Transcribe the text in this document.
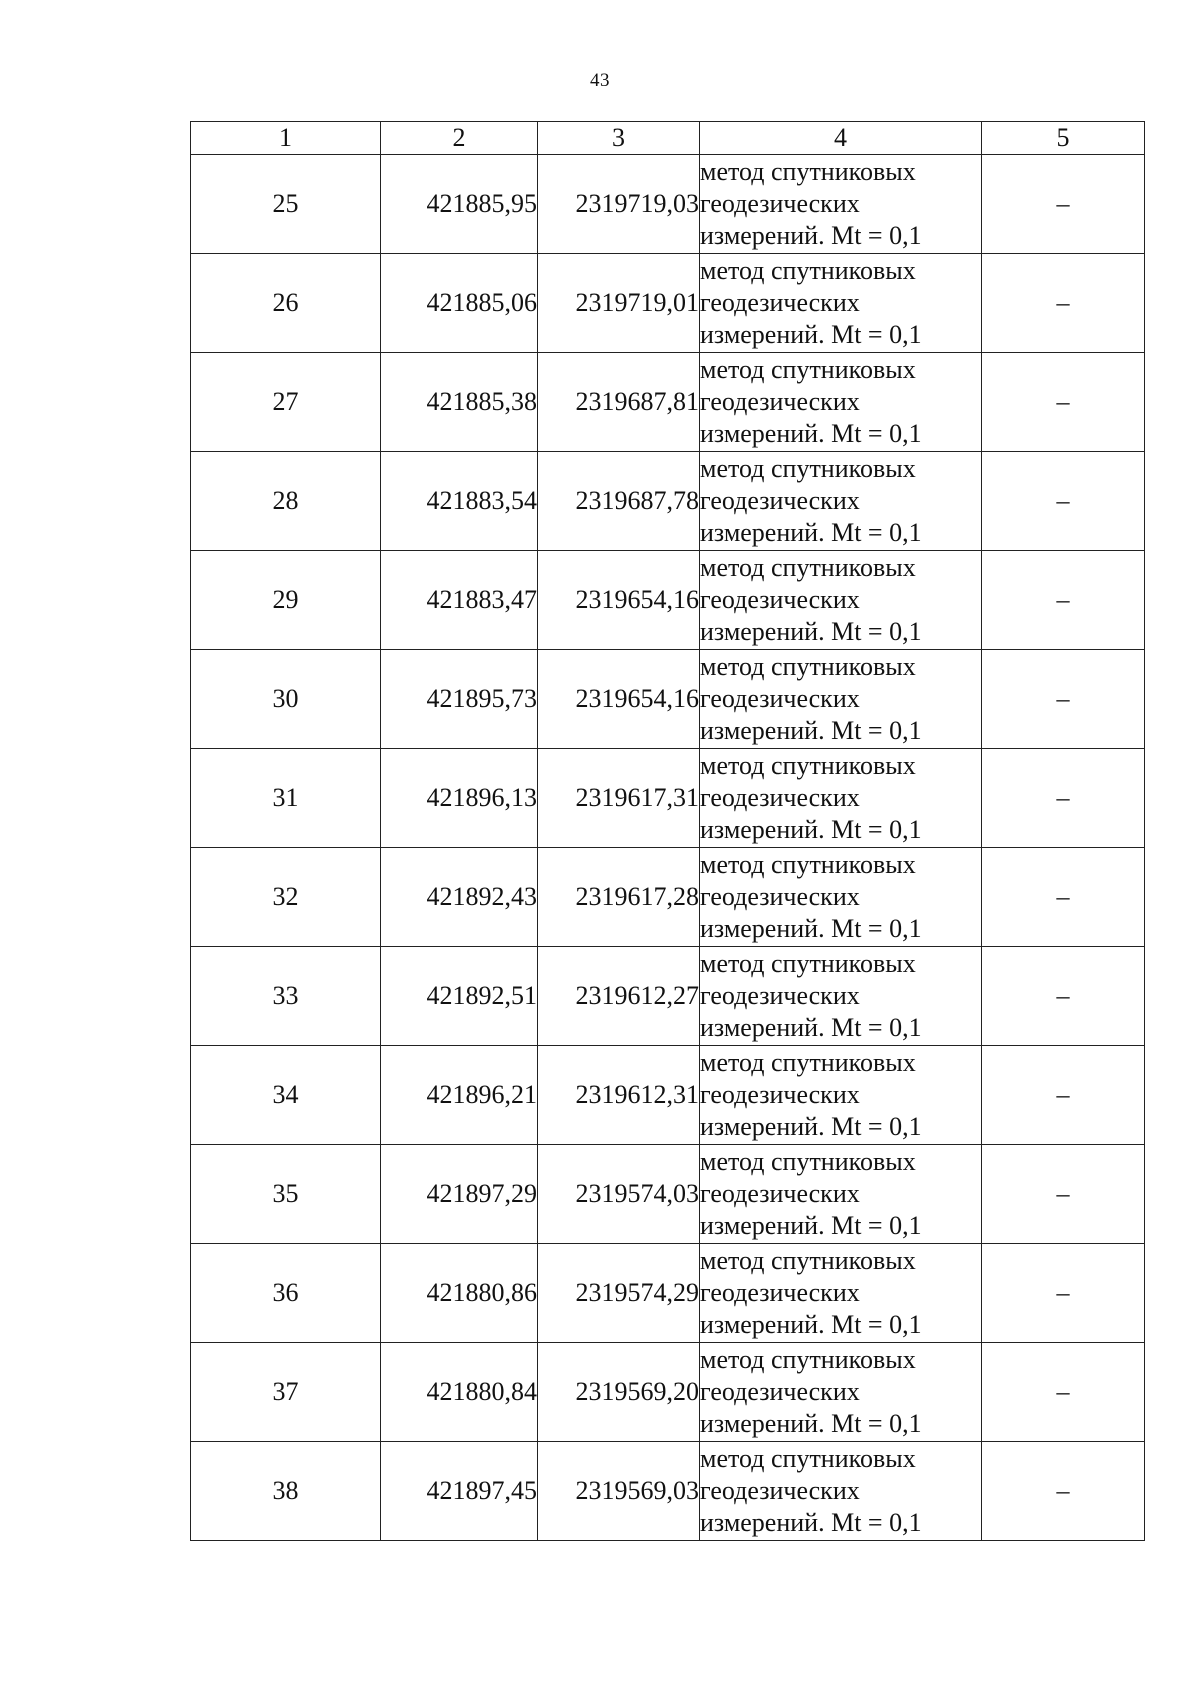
43
1	2	3	4	5
25	421885,95	2319719,03	метод спутниковых
геодезических
измерений. Mt = 0,1	–
26	421885,06	2319719,01	метод спутниковых
геодезических
измерений. Mt = 0,1	–
27	421885,38	2319687,81	метод спутниковых
геодезических
измерений. Mt = 0,1	–
28	421883,54	2319687,78	метод спутниковых
геодезических
измерений. Mt = 0,1	–
29	421883,47	2319654,16	метод спутниковых
геодезических
измерений. Mt = 0,1	–
30	421895,73	2319654,16	метод спутниковых
геодезических
измерений. Mt = 0,1	–
31	421896,13	2319617,31	метод спутниковых
геодезических
измерений. Mt = 0,1	–
32	421892,43	2319617,28	метод спутниковых
геодезических
измерений. Mt = 0,1	–
33	421892,51	2319612,27	метод спутниковых
геодезических
измерений. Mt = 0,1	–
34	421896,21	2319612,31	метод спутниковых
геодезических
измерений. Mt = 0,1	–
35	421897,29	2319574,03	метод спутниковых
геодезических
измерений. Mt = 0,1	–
36	421880,86	2319574,29	метод спутниковых
геодезических
измерений. Mt = 0,1	–
37	421880,84	2319569,20	метод спутниковых
геодезических
измерений. Mt = 0,1	–
38	421897,45	2319569,03	метод спутниковых
геодезических
измерений. Mt = 0,1	–
